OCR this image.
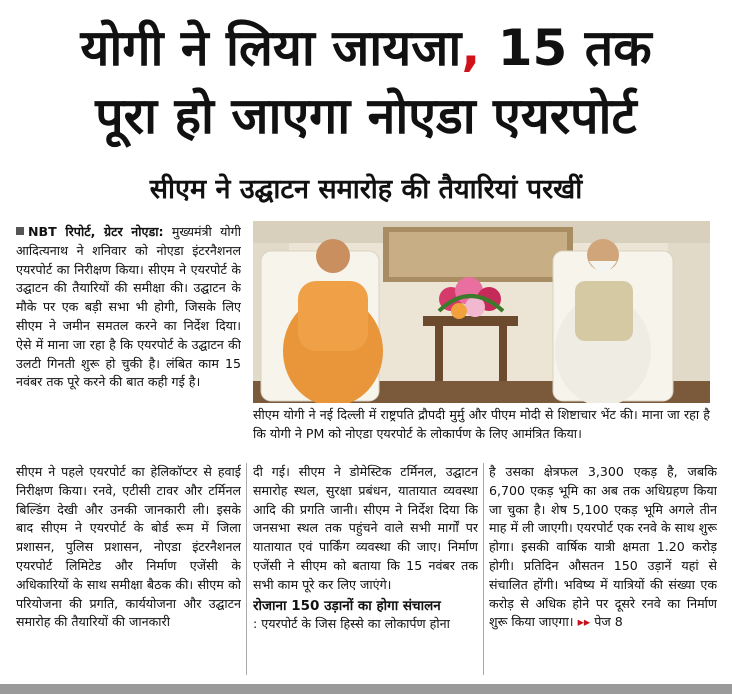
योगी ने लिया जायजा, 15 तक
पूरा हो जाएगा नोएडा एयरपोर्ट
सीएम ने उद्घाटन समारोह की तैयारियां परखीं

NBT रिपोर्ट, ग्रेटर नोएडा: मुख्यमंत्री योगी आदित्यनाथ ने शनिवार को नोएडा इंटरनैशनल एयरपोर्ट का निरीक्षण किया। सीएम ने एयरपोर्ट के उद्घाटन की तैयारियों की समीक्षा की। उद्घाटन के मौके पर एक बड़ी सभा भी होगी, जिसके लिए सीएम ने जमीन समतल करने का निर्देश दिया। ऐसे में माना जा रहा है कि एयरपोर्ट के उद्घाटन की उलटी गिनती शुरू हो चुकी है। लंबित काम 15 नवंबर तक पूरे करने की बात कही गई है।

सीएम योगी ने नई दिल्ली में राष्ट्रपति द्रौपदी मुर्मु और पीएम मोदी से शिष्टाचार भेंट की। माना जा रहा है कि योगी ने PM को नोएडा एयरपोर्ट के लोकार्पण के लिए आमंत्रित किया।

सीएम ने पहले एयरपोर्ट का हेलिकॉप्टर से हवाई निरीक्षण किया। रनवे, एटीसी टावर और टर्मिनल बिल्डिंग देखी और उनकी जानकारी ली। इसके बाद सीएम ने एयरपोर्ट के बोर्ड रूम में जिला प्रशासन, पुलिस प्रशासन, नोएडा इंटरनैशनल एयरपोर्ट लिमिटेड और निर्माण एजेंसी के अधिकारियों के साथ समीक्षा बैठक की। सीएम को परियोजना की प्रगति, कार्ययोजना और उद्घाटन समारोह की तैयारियों की जानकारी

दी गई। सीएम ने डोमेस्टिक टर्मिनल, उद्घाटन समारोह स्थल, सुरक्षा प्रबंधन, यातायात व्यवस्था आदि की प्रगति जानी। सीएम ने निर्देश दिया कि जनसभा स्थल तक पहुंचने वाले सभी मार्गों पर यातायात एवं पार्किंग व्यवस्था की जाए। निर्माण एजेंसी ने सीएम को बताया कि 15 नवंबर तक सभी काम पूरे कर लिए जाएंगे।

रोजाना 150 उड़ानों का होगा संचालन

: एयरपोर्ट के जिस हिस्से का लोकार्पण होना

है उसका क्षेत्रफल 3,300 एकड़ है, जबकि 6,700 एकड़ भूमि का अब तक अधिग्रहण किया जा चुका है। शेष 5,100 एकड़ भूमि अगले तीन माह में ली जाएगी। एयरपोर्ट एक रनवे के साथ शुरू होगा। इसकी वार्षिक यात्री क्षमता 1.20 करोड़ होगी। प्रतिदिन औसतन 150 उड़ानें यहां से संचालित होंगी। भविष्य में यात्रियों की संख्या एक करोड़ से अधिक होने पर दूसरे रनवे का निर्माण शुरू किया जाएगा। ▸▸ पेज 8
